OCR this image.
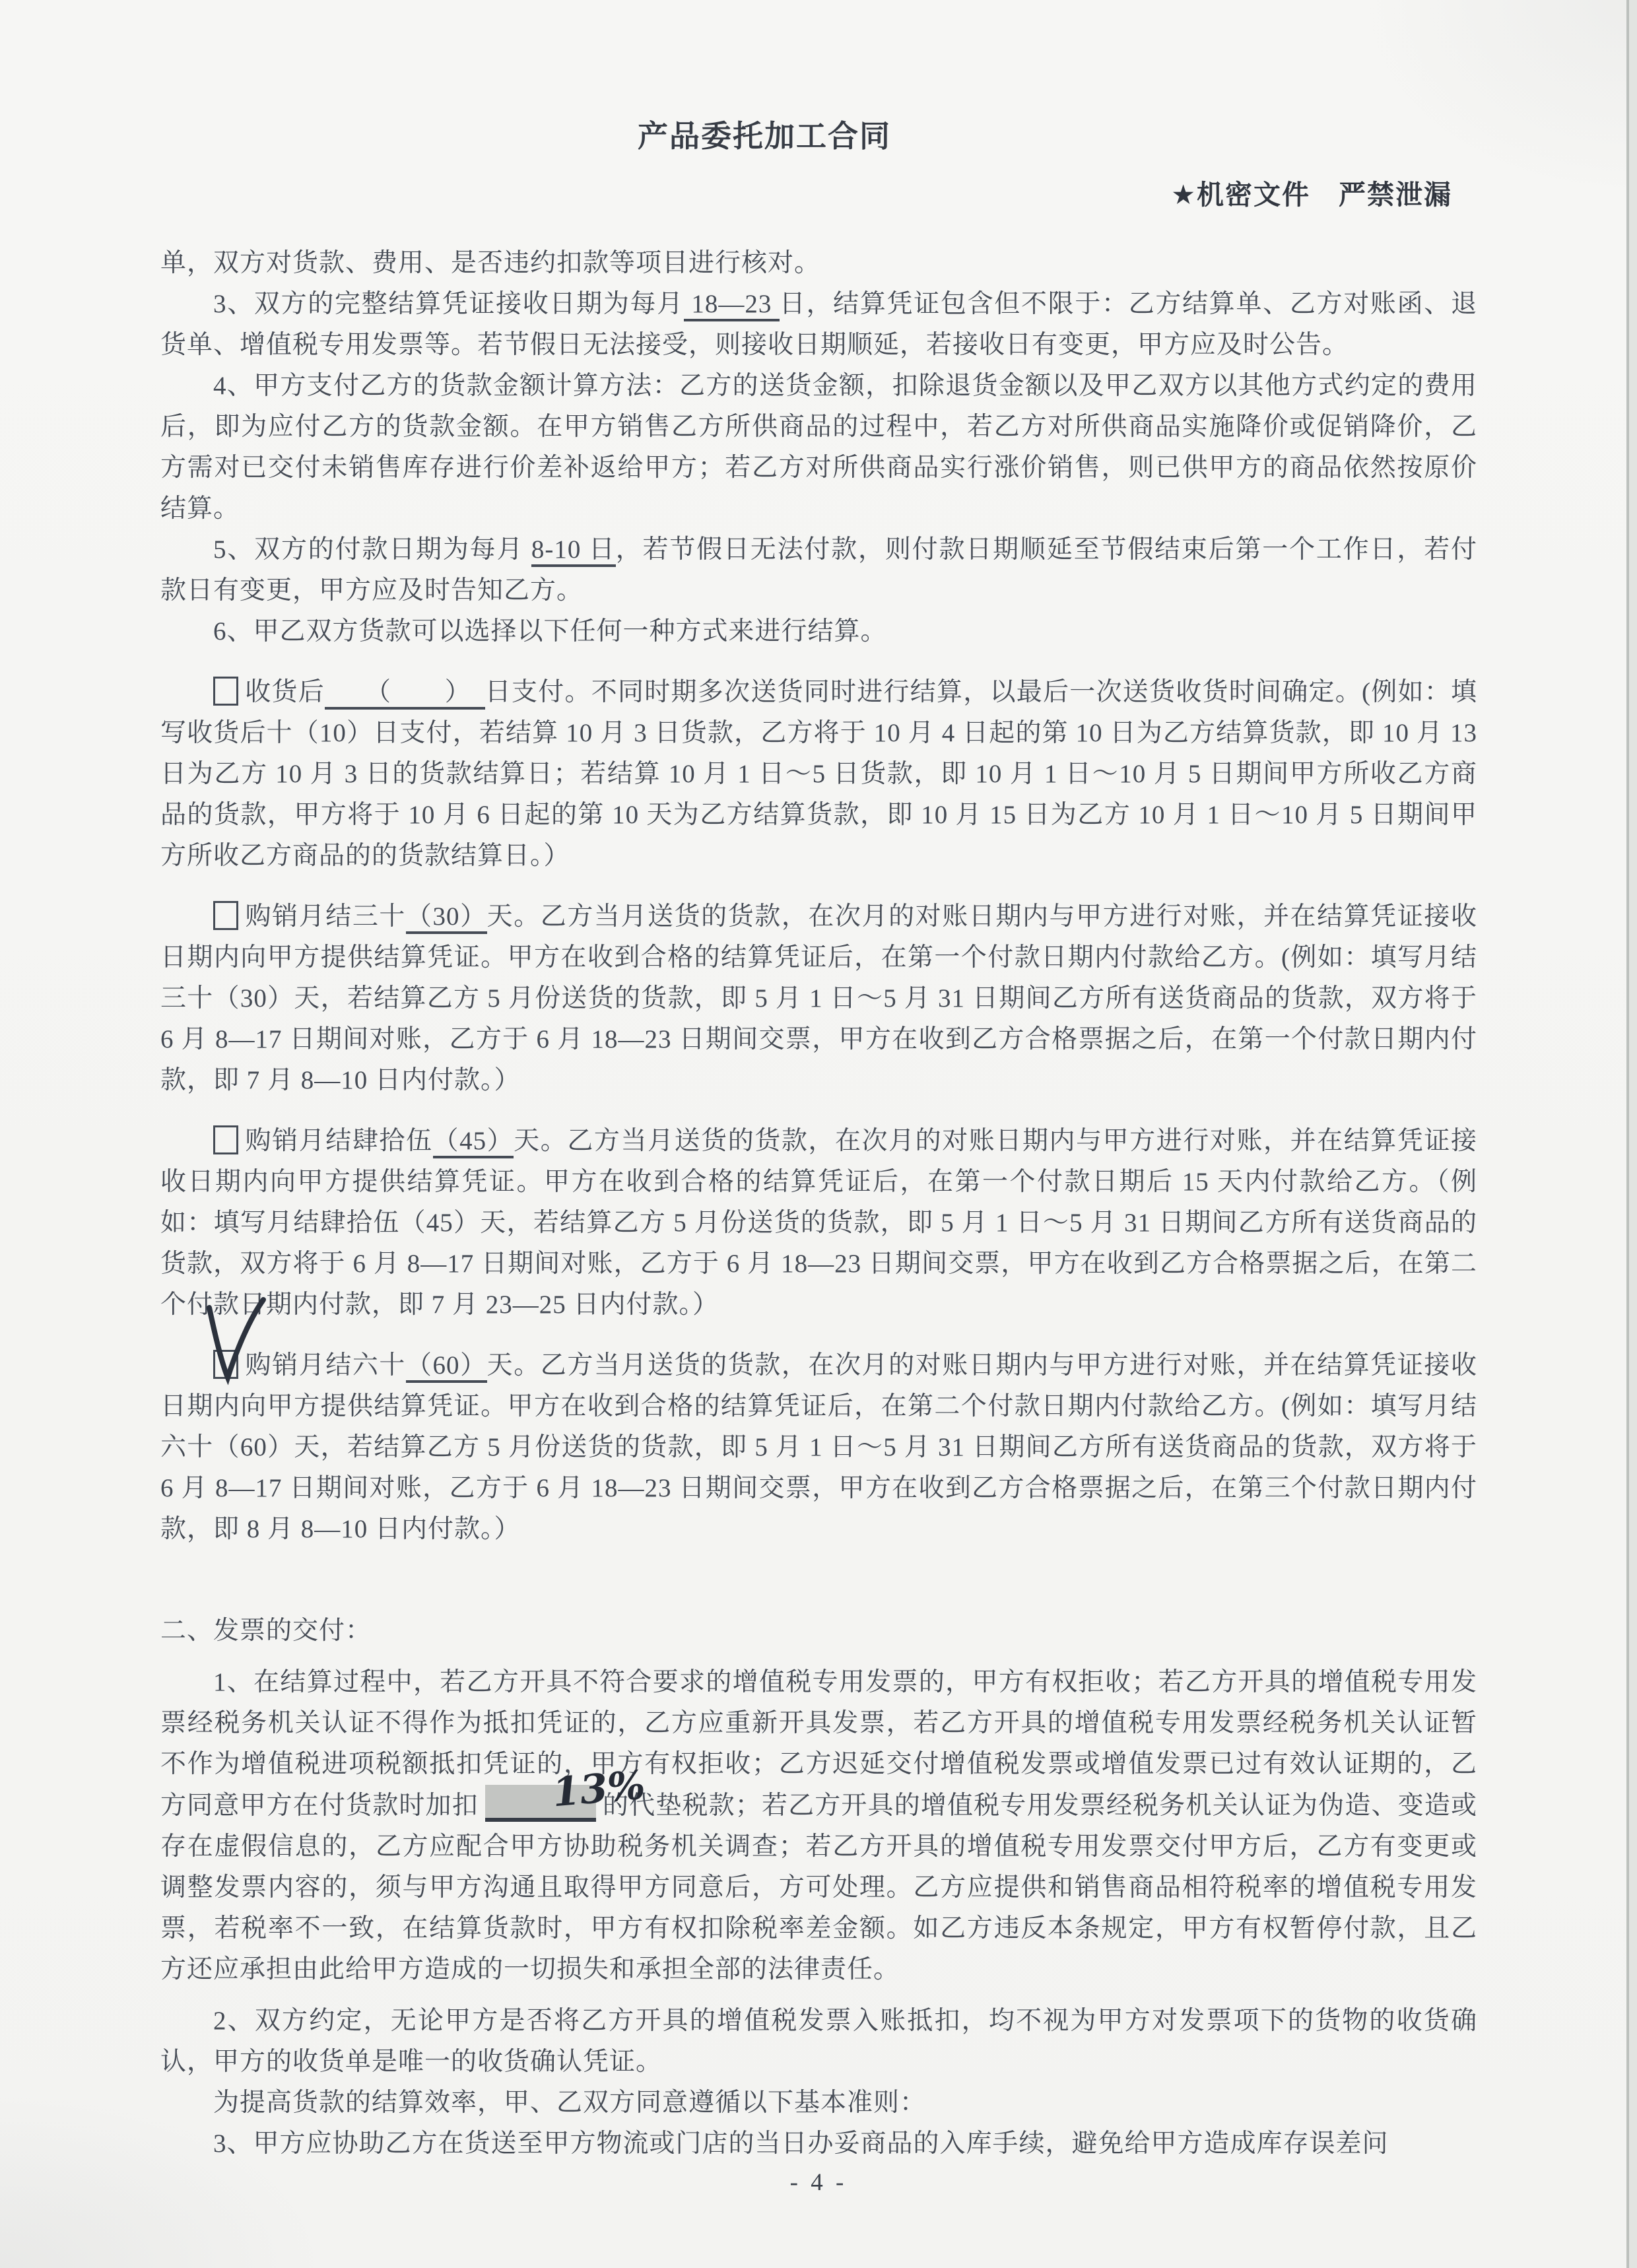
产品委托加工合同
★机密文件　严禁泄漏

单，双方对货款、费用、是否违约扣款等项目进行核对。

3、双方的完整结算凭证接收日期为每月 18—23 日，结算凭证包含但不限于：乙方结算单、乙方对账函、退货单、增值税专用发票等。若节假日无法接受，则接收日期顺延，若接收日有变更，甲方应及时公告。

4、甲方支付乙方的货款金额计算方法：乙方的送货金额，扣除退货金额以及甲乙双方以其他方式约定的费用后，即为应付乙方的货款金额。在甲方销售乙方所供商品的过程中，若乙方对所供商品实施降价或促销降价，乙方需对已交付未销售库存进行价差补返给甲方；若乙方对所供商品实行涨价销售，则已供甲方的商品依然按原价结算。

5、双方的付款日期为每月 8-10 日，若节假日无法付款，则付款日期顺延至节假结束后第一个工作日，若付款日有变更，甲方应及时告知乙方。

6、甲乙双方货款可以选择以下任何一种方式来进行结算。

收货后　　（　　）　日支付。不同时期多次送货同时进行结算，以最后一次送货收货时间确定。(例如：填写收货后十（10）日支付，若结算 10 月 3 日货款，乙方将于 10 月 4 日起的第 10 日为乙方结算货款，即 10 月 13 日为乙方 10 月 3 日的货款结算日；若结算 10 月 1 日～5 日货款，即 10 月 1 日～10 月 5 日期间甲方所收乙方商品的货款，甲方将于 10 月 6 日起的第 10 天为乙方结算货款，即 10 月 15 日为乙方 10 月 1 日～10 月 5 日期间甲方所收乙方商品的的货款结算日。）

购销月结三十（30）天。乙方当月送货的货款，在次月的对账日期内与甲方进行对账，并在结算凭证接收日期内向甲方提供结算凭证。甲方在收到合格的结算凭证后，在第一个付款日期内付款给乙方。(例如：填写月结三十（30）天，若结算乙方 5 月份送货的货款，即 5 月 1 日～5 月 31 日期间乙方所有送货商品的货款，双方将于 6 月 8—17 日期间对账，乙方于 6 月 18—23 日期间交票，甲方在收到乙方合格票据之后，在第一个付款日期内付款，即 7 月 8—10 日内付款。）

购销月结肆拾伍（45）天。乙方当月送货的货款，在次月的对账日期内与甲方进行对账，并在结算凭证接收日期内向甲方提供结算凭证。甲方在收到合格的结算凭证后，在第一个付款日期后 15 天内付款给乙方。（例如：填写月结肆拾伍（45）天，若结算乙方 5 月份送货的货款，即 5 月 1 日～5 月 31 日期间乙方所有送货商品的货款，双方将于 6 月 8—17 日期间对账，乙方于 6 月 18—23 日期间交票，甲方在收到乙方合格票据之后，在第二个付款日期内付款，即 7 月 23—25 日内付款。）

购销月结六十（60）天。乙方当月送货的货款，在次月的对账日期内与甲方进行对账，并在结算凭证接收日期内向甲方提供结算凭证。甲方在收到合格的结算凭证后，在第二个付款日期内付款给乙方。(例如：填写月结六十（60）天，若结算乙方 5 月份送货的货款，即 5 月 1 日～5 月 31 日期间乙方所有送货商品的货款，双方将于 6 月 8—17 日期间对账，乙方于 6 月 18—23 日期间交票，甲方在收到乙方合格票据之后，在第三个付款日期内付款，即 8 月 8—10 日内付款。）

二、发票的交付：

1、在结算过程中，若乙方开具不符合要求的增值税专用发票的，甲方有权拒收；若乙方开具的增值税专用发票经税务机关认证不得作为抵扣凭证的，乙方应重新开具发票，若乙方开具的增值税专用发票经税务机关认证暂不作为增值税进项税额抵扣凭证的，甲方有权拒收；乙方迟延交付增值税发票或增值发票已过有效认证期的，乙方同意甲方在付货款时加扣	13%
的代垫税款；若乙方开具的增值税专用发票经税务机关认证为伪造、变造或存在虚假信息的，乙方应配合甲方协助税务机关调查；若乙方开具的增值税专用发票交付甲方后，乙方有变更或调整发票内容的，须与甲方沟通且取得甲方同意后，方可处理。乙方应提供和销售商品相符税率的增值税专用发票，若税率不一致，在结算货款时，甲方有权扣除税率差金额。如乙方违反本条规定，甲方有权暂停付款，且乙方还应承担由此给甲方造成的一切损失和承担全部的法律责任。

2、双方约定，无论甲方是否将乙方开具的增值税发票入账抵扣，均不视为甲方对发票项下的货物的收货确认，甲方的收货单是唯一的收货确认凭证。

为提高货款的结算效率，甲、乙双方同意遵循以下基本准则：

3、甲方应协助乙方在货送至甲方物流或门店的当日办妥商品的入库手续，避免给甲方造成库存误差问

- 4 -
